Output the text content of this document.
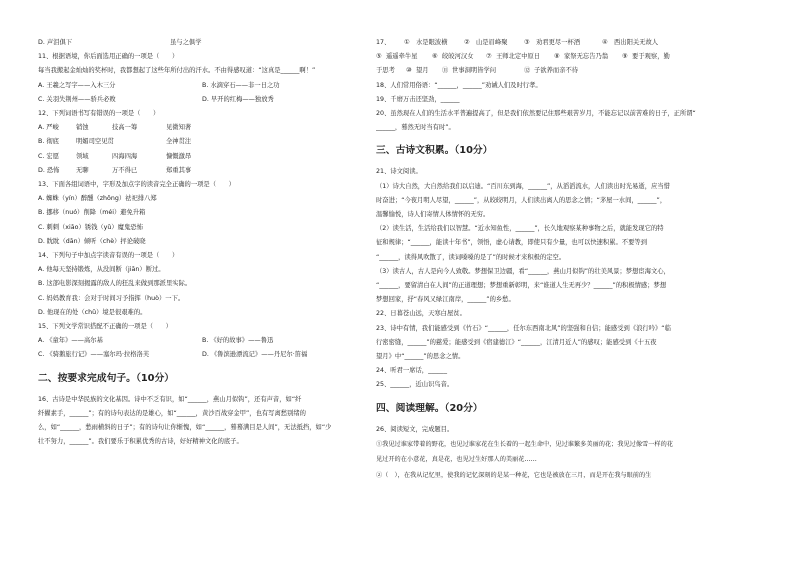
D. 声泪俱下	虽与之俱学
11、根据语境，你后面选用正确的一项是（　　）
每当我搬起金灿灿的奖杯时，我都想起了这些年所付出的汗水。不由得感叹道：“这真是______啊！”
A. 王羲之写字——入木三分	B. 水滴穿石——非一日之功
C. 关羽失荆州——骄兵必败	D. 早开的红梅——独放秀
12、下列词语书写有错误的一项是（　　）
A. 严峻	销蚀	技高一筹	见微知著
B. 彻底	明媚司空见贯	全神贯注
C. 宏愿	领域	四海四海	慷慨激昂
D. 恐怖	无聊	万不得已	郑重其事
13、下面各组词语中，字形及加点字的读音完全正确的一项是（　　）
A. 蜘蛛（yín）醉醺（zhōng）祛祀排八郑
B. 挪移（nuó）削降（méi）避免升箱
C. 刺刺（xiāo）锈钱（yǔ）魔鬼恐怖
D. 眈眈（dān）倾听（chè）抨论破晓
14、下列句子中加点字读音有误的一项是（　　）
A. 他每天坚持锻炼，从没间断（jiān）断过。
B. 这部电影深刻揭露的敌人的狂乱来做到那派里实际。
C. 妈妈教育我：会对于时间习予指挥（huò）一下。
D. 他现在的处（chǔ）境是很艰难的。
15、下列文学常识搭配不正确的一项是（　　）
A. 《童年》——高尔基	B. 《好的故事》——鲁迅
C. 《骑鹅旅行记》——塞尔玛·拉格洛芙	D. 《鲁滨逊漂流记》——丹尼尔·笛福
二、按要求完成句子。（10分）
16、古诗是中华民族的文化基因。诗中不乏有识，如“______，燕山月似钩”，还有声音，如“纤
纤擢素手，______”；有的诗句表达的是雄心，如“______，黄沙百战穿金甲”，也有写离愁别绪的
么，如“______，愁雨横斜的日子”；有的诗句让你惭愧，如“______，蓦蓦满目是人间”，无法抵挡，如“少
壮不努力，______”。我们要乐于积累优秀的古诗，好好精神文化的底子。
17、	①	水是眼波横	②	山是眉峰聚	③	劝君更尽一杯酒	④	西出阳关无故人
⑤ 遥遥牵牛星	⑥ 皎皎河汉女	⑦ 王师北定中原日	⑧ 家祭无忘告乃翁	⑨ 要于观察，勤
于思考	⑩ 望月	⑪ 世事洞明皆学问	⑫ 子欲养而亲不待
18、人们常用俗语：“______，______”劝诫人们及时行孝。
19、千磨万击还坚劲，______
20、虽然现在人们的生活水平普遍提高了，但是我们依然要记住那些艰苦岁月，不能忘记以前苦难的日子，正所谓“
______，蓦然无时当有时”。
三、古诗文积累。（10分）
21、诗文阅读。
（1）诗大自然，大自然给我们以启迪。“百川东到海，______”，从滔滔流水，人们读出时光易逝，应当惜
时奋进；“今夜月明人尽望，______”，从皎皎明月，人们读出离人的思念之情；“茅屋一水间，______”，
温馨愉悦，诗人们寄情人体情怀的无穷。
（2）读生活，生活给我们以智慧。“近水知鱼性，______”，长久地观察某种事物之后，就能发现它的特
征和规律；“______，能读十年书”，领悟，虚心请教，即使只有少量，也可以快速积累。不要等到
“______，读得风吹散了，读词嗓嗓的是了”的时候才来积极的定空。
（3）读古人，古人是向今人致敬。梦想保卫边疆，看“______，燕山月似钩”的壮美风景；梦想宦海文心，
“______，要留清白在人间”的正道理想；梦想重新彰明，来“谁道人生无再少？______”的积极情感；梦想
梦想回家，抒“春风又绿江南岸，______”的乡愁。
22、日暮苍山远，天寒白屋贫。
23、诗中有情，我们能感受到《竹石》“______，任尔东西南北风”的坚强和自信；能感受到《浪行吟》“临
行密密缝，______”的慈爱；能感受到《宿建德江》“______，江清月近人”的感叹；能感受到《十五夜
望月》中“______”的思念之情。
24、听君一席话，______
25、______，近山识鸟音。
四、阅读理解。（20分）
26、阅读短文，完成题目。
①我见过谁家带着的野花，也见过谁家花在生长着的一起生命中，见过谁繁多美丽的花；我见过像雪一样的花
见过开的在小意花，真是花，也见过生好那人的美丽花……
②（　），在我从记忆里，使我的记忆深刻的是某一种花，它也是被放在三月，而是开在我与眼前的生
